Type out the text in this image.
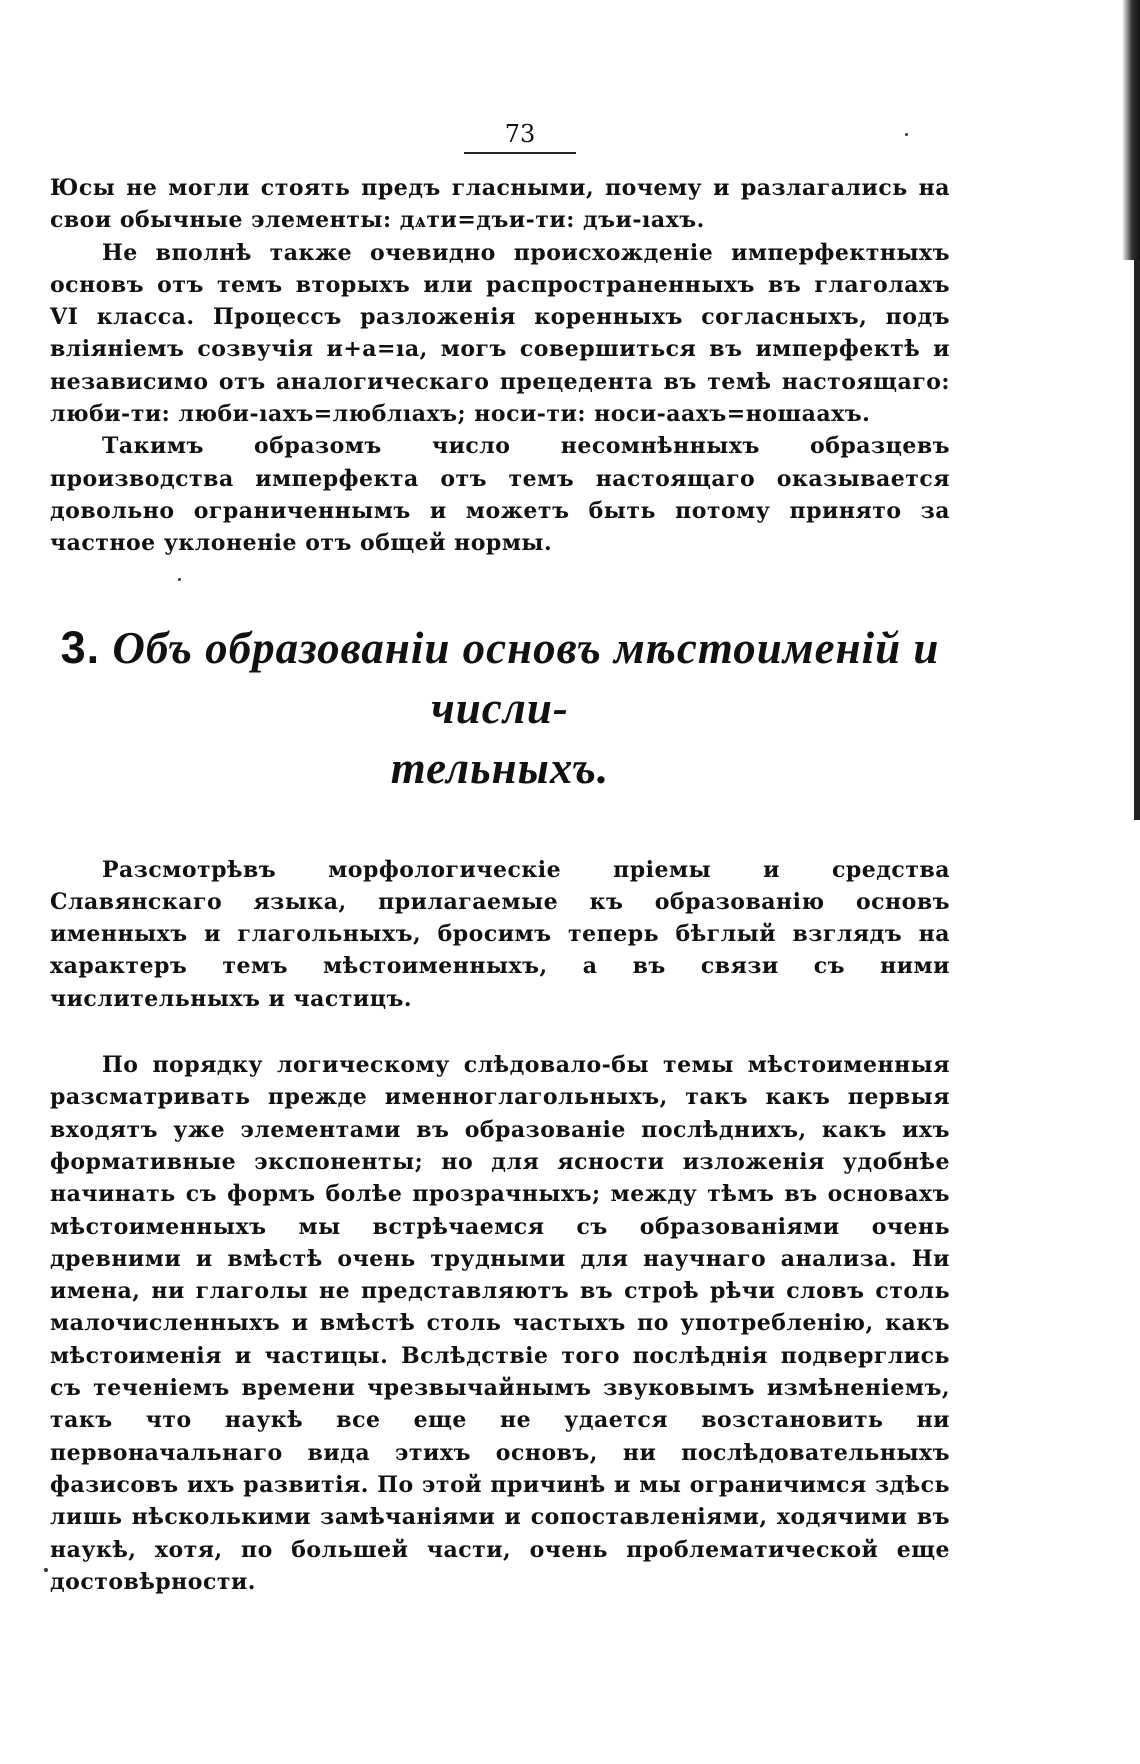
73

Юсы не могли стоять предъ гласными, почему и разлагались на свои обычные элементы: дѧти=дъи-ти: дъи-ıахъ.

Не вполнѣ также очевидно происхожденіе имперфектныхъ основъ отъ темъ вторыхъ или распространенныхъ въ глаголахъ VI класса. Процессъ разложенія коренныхъ согласныхъ, подъ вліяніемъ созвучія и+а=ıа, могъ совершиться въ имперфектѣ и независимо отъ аналогическаго прецедента въ темѣ настоящаго: люби-ти: люби-ıахъ=люблıахъ; носи-ти: носи-аахъ=ношаахъ.

Такимъ образомъ число несомнѣнныхъ образцевъ производства имперфекта отъ темъ настоящаго оказывается довольно ограниченнымъ и можетъ быть потому принято за частное уклоненіе отъ общей нормы.

3. Объ образованіи основъ мѣстоименій и числи-
тельныхъ.

Разсмотрѣвъ морфологическіе пріемы и средства Славянскаго языка, прилагаемые къ образованію основъ именныхъ и глагольныхъ, бросимъ теперь бѣглый взглядъ на характеръ темъ мѣстоименныхъ, а въ связи съ ними числительныхъ и частицъ.

По порядку логическому слѣдовало-бы темы мѣстоименныя разсматривать прежде именноглагольныхъ, такъ какъ первыя входятъ уже элементами въ образованіе послѣднихъ, какъ ихъ формативные экспоненты; но для ясности изложенія удобнѣе начинать съ формъ болѣе прозрачныхъ; между тѣмъ въ основахъ мѣстоименныхъ мы встрѣчаемся съ образованіями очень древними и вмѣстѣ очень трудными для научнаго анализа. Ни имена, ни глаголы не представляютъ въ строѣ рѣчи словъ столь малочисленныхъ и вмѣстѣ столь частыхъ по употребленію, какъ мѣстоименія и частицы. Вслѣдствіе того послѣднія подверглись съ теченіемъ времени чрезвычайнымъ звуковымъ измѣненіемъ, такъ что наукѣ все еще не удается возстановить ни первоначальнаго вида этихъ основъ, ни послѣдовательныхъ фазисовъ ихъ развитія. По этой причинѣ и мы ограничимся здѣсь лишь нѣсколькими замѣчаніями и сопоставленіями, ходячими въ наукѣ, хотя, по большей части, очень проблематической еще достовѣрности.
